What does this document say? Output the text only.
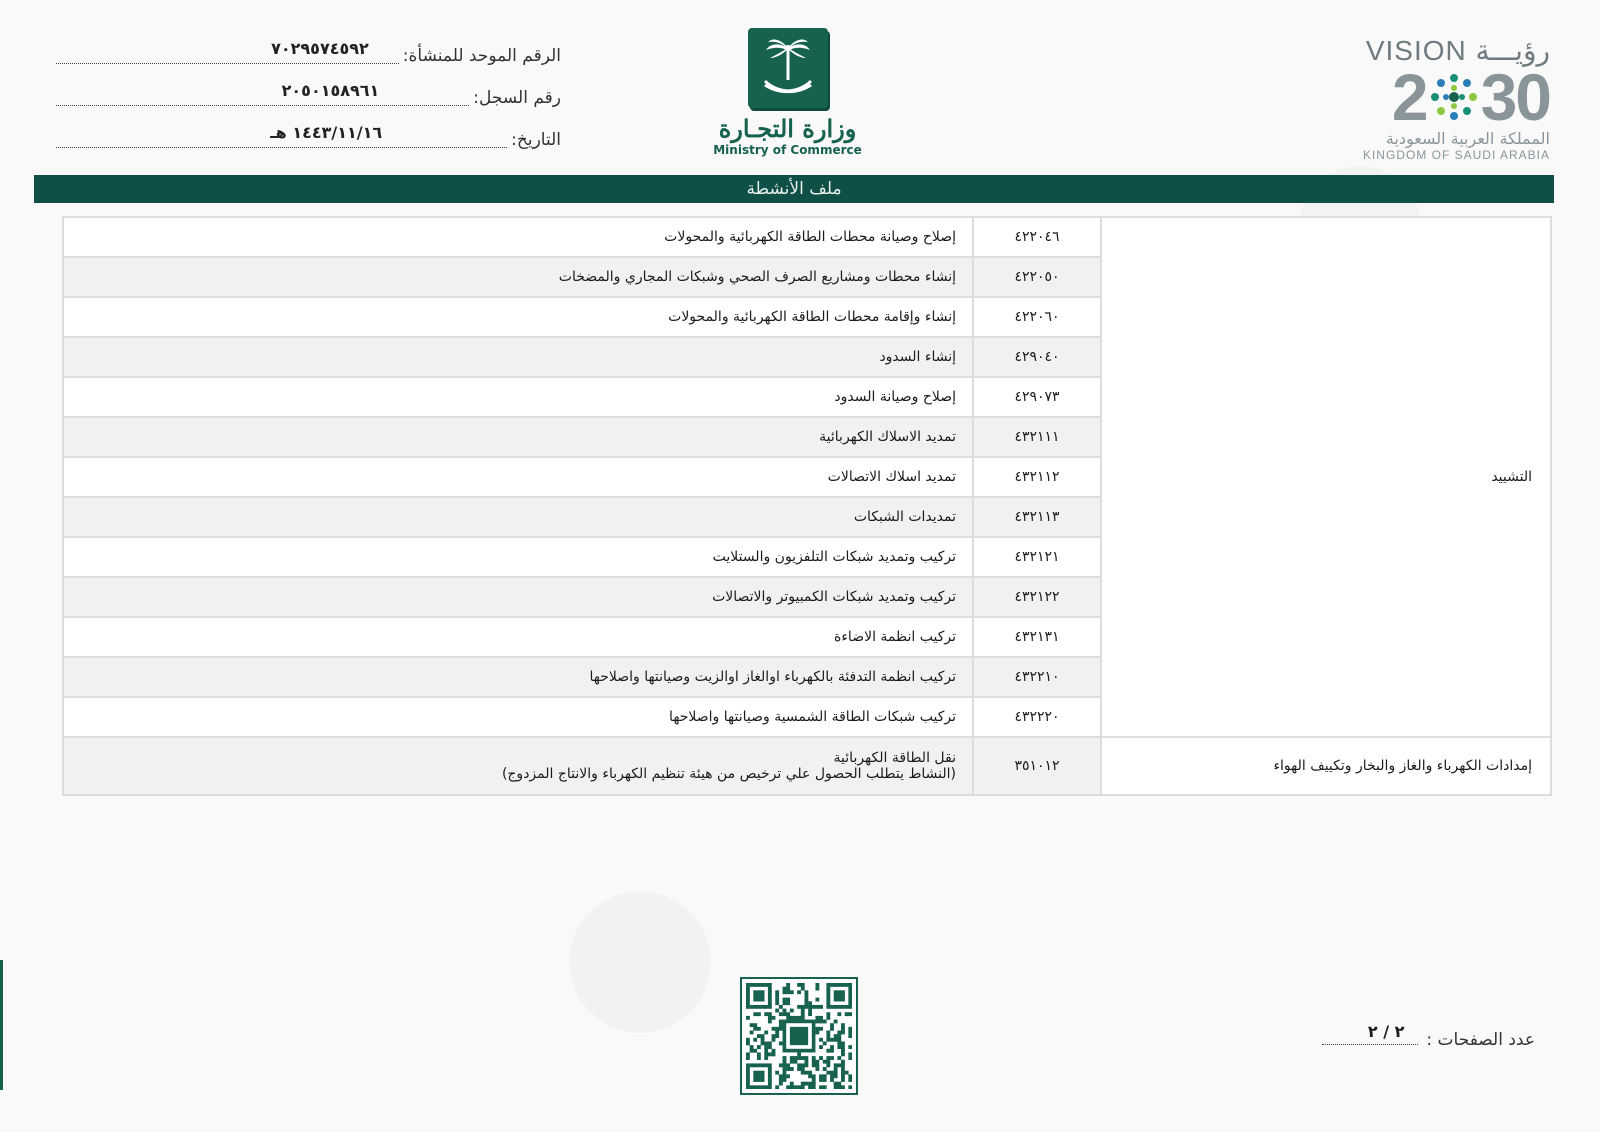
الرقم الموحد للمنشأة:
٧٠٢٩٥٧٤٥٩٢
رقم السجل:
٢٠٥٠١٥٨٩٦١
التاريخ:
١٤٤٣/١١/١٦ هـ	وزارة التجـارة
Ministry of Commerce
VISION رؤيـــة
2 30
المملكة العربية السعودية
KINGDOM OF SAUDI ARABIA
ملف الأنشطة
التشييد	٤٢٢٠٤٦	إصلاح وصيانة محطات الطاقة الكهربائية والمحولات

	٤٢٢٠٥٠	إنشاء محطات ومشاريع الصرف الصحي وشبكات المجاري والمضخات

	٤٢٢٠٦٠	إنشاء وإقامة محطات الطاقة الكهربائية والمحولات

	٤٢٩٠٤٠	إنشاء السدود

	٤٢٩٠٧٣	إصلاح وصيانة السدود

	٤٣٢١١١	تمديد الاسلاك الكهربائية

	٤٣٢١١٢	تمديد اسلاك الاتصالات

	٤٣٢١١٣	تمديدات الشبكات

	٤٣٢١٢١	تركيب وتمديد شبكات التلفزيون والستلايت

	٤٣٢١٢٢	تركيب وتمديد شبكات الكمبيوتر والاتصالات

	٤٣٢١٣١	تركيب انظمة الاضاءة

	٤٣٢٢١٠	تركيب انظمة التدفئة بالكهرباء اوالغاز اوالزيت وصيانتها واصلاحها

	٤٣٢٢٢٠	تركيب شبكات الطاقة الشمسية وصيانتها واصلاحها

إمدادات الكهرباء والغاز والبخار وتكييف الهواء	٣٥١٠١٢	نقل الطاقة الكهربائية
(النشاط يتطلب الحصول علي ترخيص من هيئة تنظيم الكهرباء والانتاج المزدوج)
عدد الصفحات :
٢ / ٢
